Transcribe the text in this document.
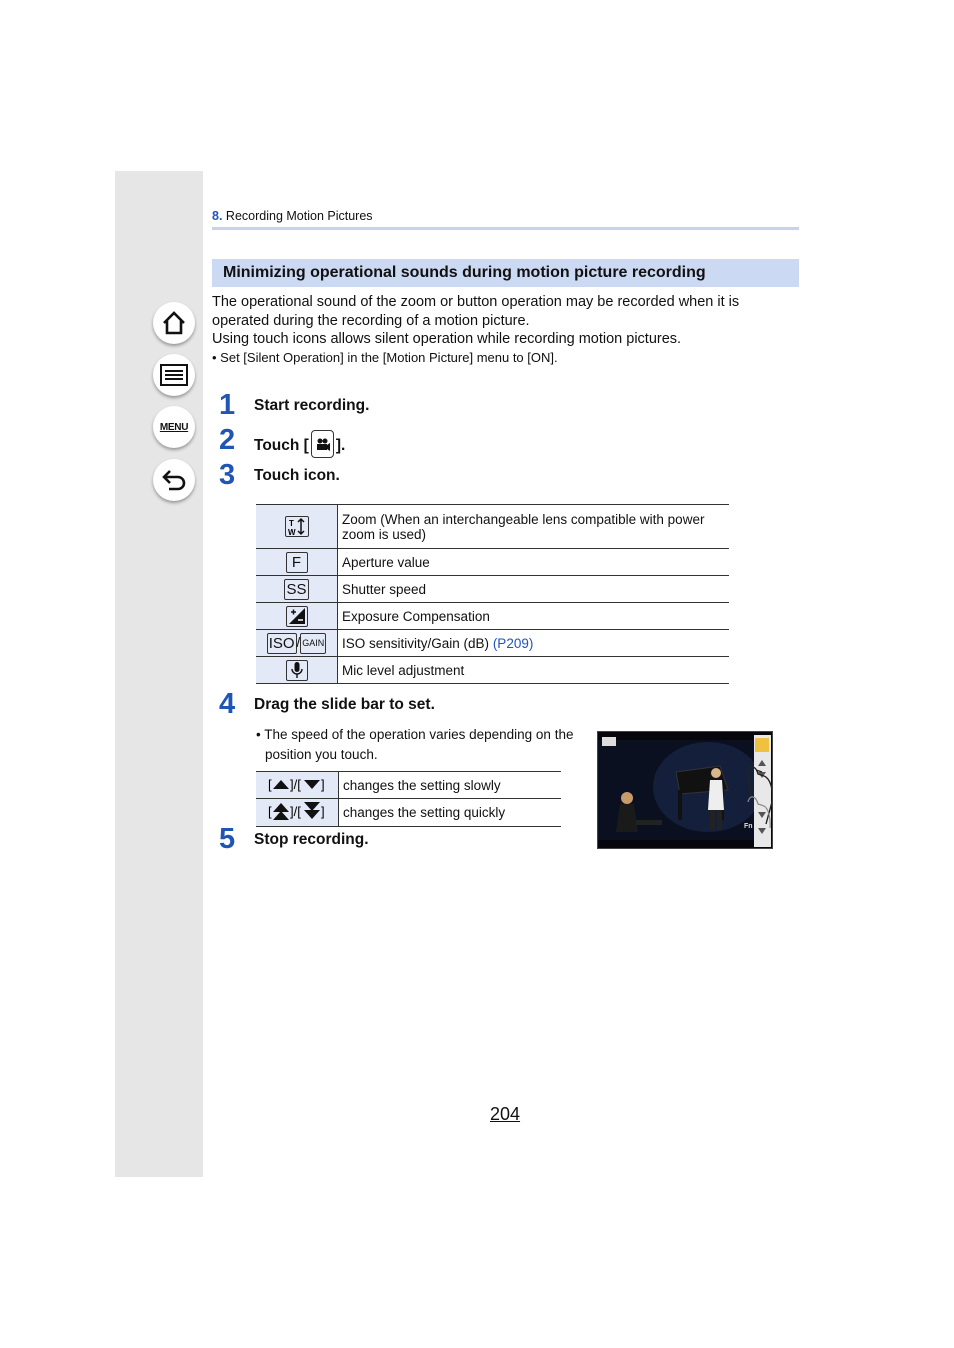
MENU
8. Recording Motion Pictures
Minimizing operational sounds during motion picture recording
The operational sound of the zoom or button operation may be recorded when it is operated during the recording of a motion picture.
Using touch icons allows silent operation while recording motion pictures.
• Set [Silent Operation] in the [Motion Picture] menu to [ON].
1 Start recording.
2 Touch [ ].
3 Touch icon.
T
W	Zoom (When an interchangeable lens compatible with power zoom is used)
F	Aperture value
SS	Shutter speed
	Exposure Compensation
ISO / GAIN	ISO sensitivity/Gain (dB) (P209)
	Mic level adjustment
4 Drag the slide bar to set.
• The speed of the operation varies depending on the position you touch.
[ ]/[ ]	changes the setting slowly

[ ]/[ ]	changes the setting quickly
Fn
5 Stop recording.
204
